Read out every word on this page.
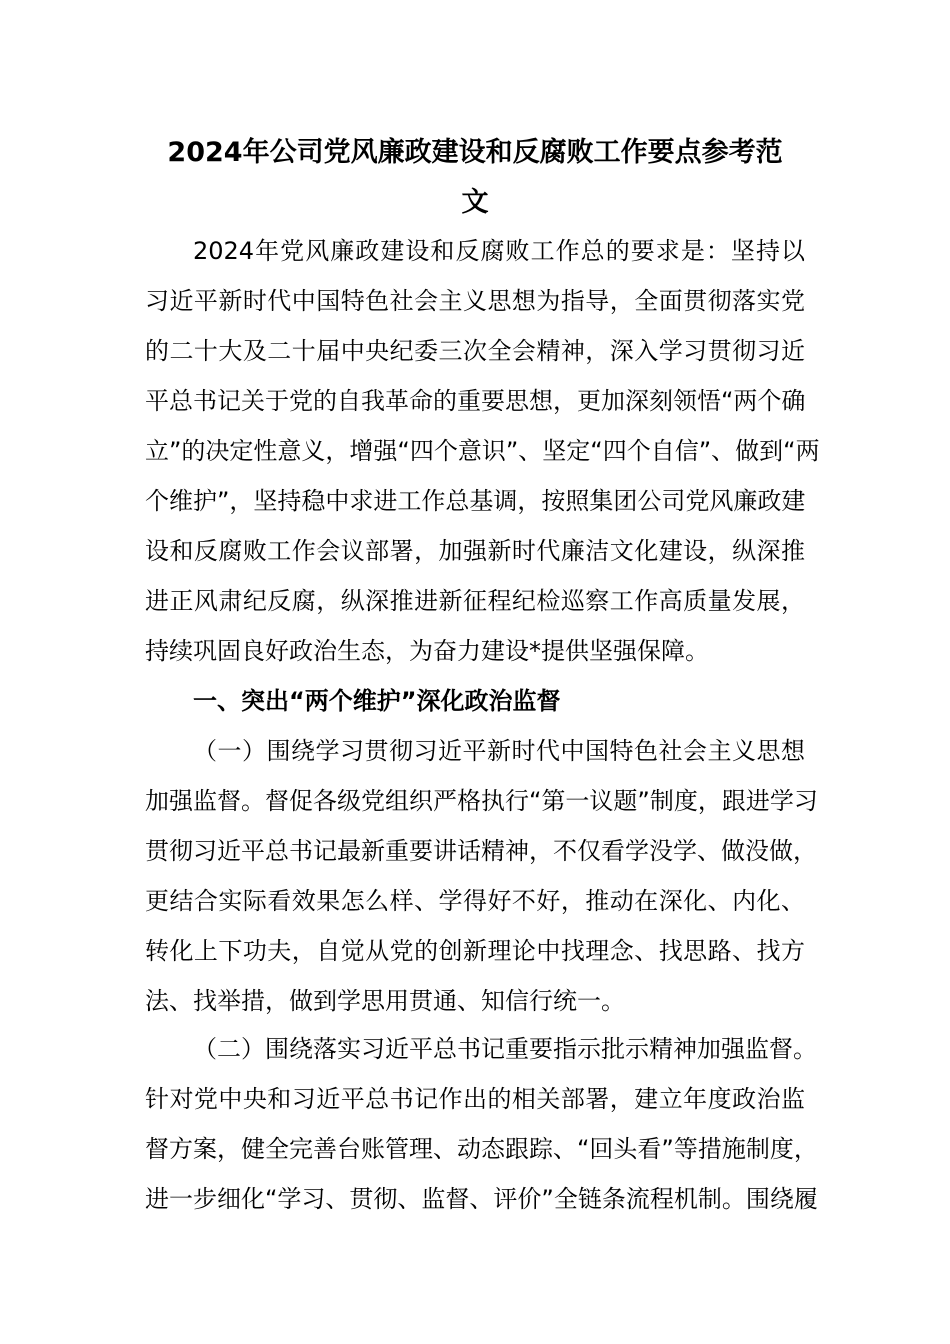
2024年公司党风廉政建设和反腐败工作要点参考范
文
2024年党风廉政建设和反腐败工作总的要求是：坚持以
习近平新时代中国特色社会主义思想为指导，全面贯彻落实党
的二十大及二十届中央纪委三次全会精神，深入学习贯彻习近
平总书记关于党的自我革命的重要思想，更加深刻领悟“两个确
立”的决定性意义，增强“四个意识”、坚定“四个自信”、做到“两
个维护”，坚持稳中求进工作总基调，按照集团公司党风廉政建
设和反腐败工作会议部署，加强新时代廉洁文化建设，纵深推
进正风肃纪反腐，纵深推进新征程纪检巡察工作高质量发展，
持续巩固良好政治生态，为奋力建设*提供坚强保障。
一、突出“两个维护”深化政治监督
（一）围绕学习贯彻习近平新时代中国特色社会主义思想
加强监督。督促各级党组织严格执行“第一议题”制度，跟进学习
贯彻习近平总书记最新重要讲话精神，不仅看学没学、做没做，
更结合实际看效果怎么样、学得好不好，推动在深化、内化、
转化上下功夫，自觉从党的创新理论中找理念、找思路、找方
法、找举措，做到学思用贯通、知信行统一。
（二）围绕落实习近平总书记重要指示批示精神加强监督。
针对党中央和习近平总书记作出的相关部署，建立年度政治监
督方案，健全完善台账管理、动态跟踪、“回头看”等措施制度，
进一步细化“学习、贯彻、监督、评价”全链条流程机制。围绕履
